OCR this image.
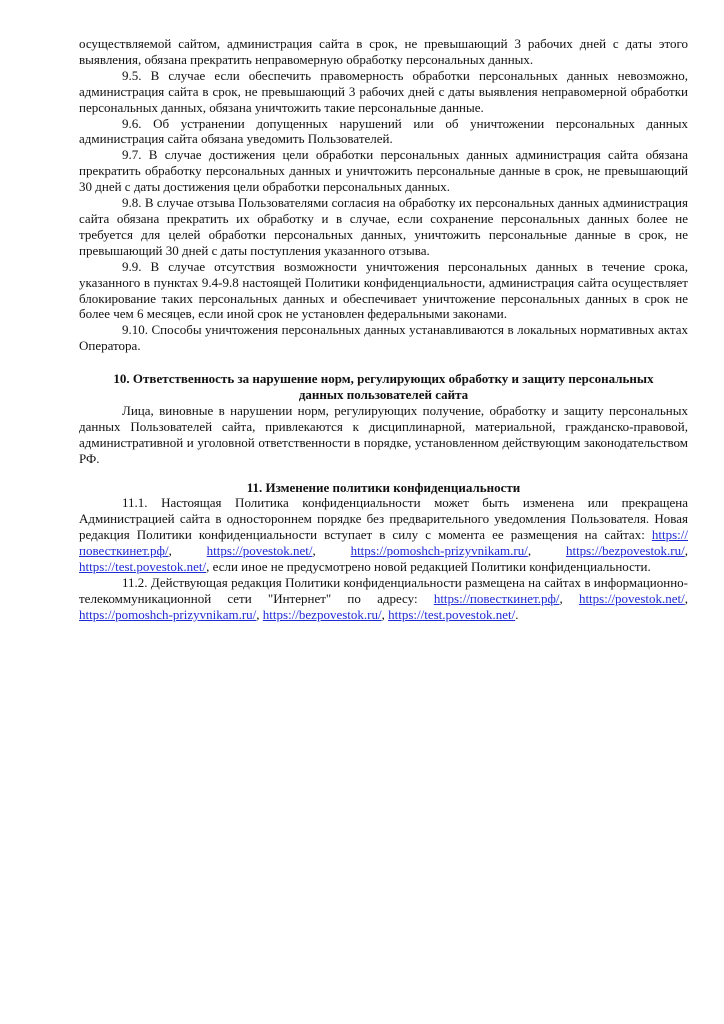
осуществляемой сайтом, администрация сайта в срок, не превышающий 3 рабочих дней с даты этого выявления, обязана прекратить неправомерную обработку персональных данных.

9.5. В случае если обеспечить правомерность обработки персональных данных невозможно, администрация сайта в срок, не превышающий 3 рабочих дней с даты выявления неправомерной обработки персональных данных, обязана уничтожить такие персональные данные.

9.6. Об устранении допущенных нарушений или об уничтожении персональных данных администрация сайта обязана уведомить Пользователей.

9.7. В случае достижения цели обработки персональных данных администрация сайта обязана прекратить обработку персональных данных и уничтожить персональные данные в срок, не превышающий 30 дней с даты достижения цели обработки персональных данных.

9.8. В случае отзыва Пользователями согласия на обработку их персональных данных администрация сайта обязана прекратить их обработку и в случае, если сохранение персональных данных более не требуется для целей обработки персональных данных, уничтожить персональные данные в срок, не превышающий 30 дней с даты поступления указанного отзыва.

9.9. В случае отсутствия возможности уничтожения персональных данных в течение срока, указанного в пунктах 9.4-9.8 настоящей Политики конфиденциальности, администрация сайта осуществляет блокирование таких персональных данных и обеспечивает уничтожение персональных данных в срок не более чем 6 месяцев, если иной срок не установлен федеральными законами.

9.10. Способы уничтожения персональных данных устанавливаются в локальных нормативных актах Оператора.

10. Ответственность за нарушение норм, регулирующих обработку и защиту персональных
данных пользователей сайта

Лица, виновные в нарушении норм, регулирующих получение, обработку и защиту персональных данных Пользователей сайта, привлекаются к дисциплинарной, материальной, гражданско-правовой, административной и уголовной ответственности в порядке, установленном действующим законодательством РФ.

11. Изменение политики конфиденциальности

11.1. Настоящая Политика конфиденциальности может быть изменена или прекращена Администрацией сайта в одностороннем порядке без предварительного уведомления Пользователя. Новая редакция Политики конфиденциальности вступает в силу с момента ее размещения на сайтах: https://повесткинет.рф/, https://povestok.net/, https://pomoshch-prizyvnikam.ru/, https://bezpovestok.ru/, https://test.povestok.net/, если иное не предусмотрено новой редакцией Политики конфиденциальности.

11.2. Действующая редакция Политики конфиденциальности размещена на сайтах в информационно-телекоммуникационной сети "Интернет" по адресу: https://повесткинет.рф/, https://povestok.net/, https://pomoshch-prizyvnikam.ru/, https://bezpovestok.ru/, https://test.povestok.net/.
